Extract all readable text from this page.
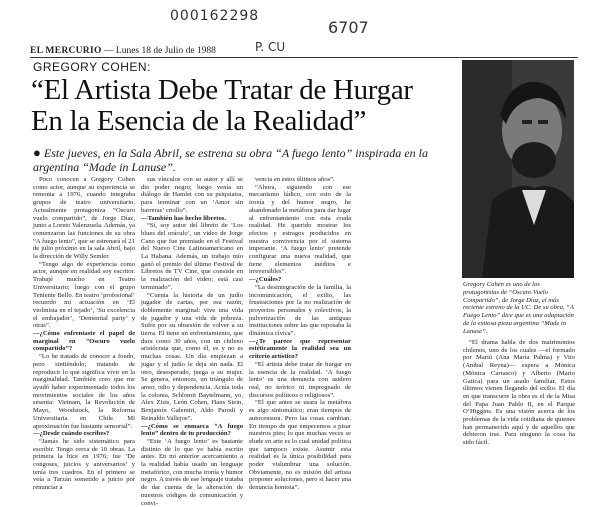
000162298
6707
P. CU
EL MERCURIO — Lunes 18 de Julio de 1988
GREGORY COHEN:
“El Artista Debe Tratar de Hurgar En la Esencia de la Realidad”
● Este jueves, en la Sala Abril, se estrena su obra “A fuego lento” inspirada en la argentina “Made in Lanuse”.

Poco conocen a Gregory Cohen como actor, aunque su experiencia se remonta a 1976, cuando integraba grupos de teatro universitario. Actualmente protagoniza “Oscuro vuelo compartido”, de Jorge Díaz, junto a Loreto Valenzuela. Además, ya comenzaron las funciones de su obra “A fuego lento”, que se estrenará el 21 de julio próximo en la sala Abril, bajo la dirección de Willy Semler.

“Tengo algo de experiencia como actor, aunque en realidad soy escritor. Trabajé mucho en Teatro Universitario; luego con el grupo Teniente Bello. En teatro ‘profesional’ recuerdo mi actuación en ‘El violinista en el tejado’, ‘Su excelencia el embajador’, ‘Demential party’ y otras”.

—¿Cómo enfrentaste el papel de marginal en “Oscuro vuelo compartido”?

“Lo he tratado de conocer a fondo, pero sintiéndolo; tratando de reproducir lo que significa vivir en la marginalidad. También creo que me ayudó haber experimentado todos los movimientos sociales de los años sesenta: Vietnam, la Revolución de Mayo, Woodstock, la Reforma Universitaria en Chile. Mi aproximación fue bastante sensorial”.

—¿Desde cuándo escribes?

“Jamás he sido sistemático para escribir. Tengo cerca de 10 obras. La primera la hice en 1976; fue ‘De congoses, juicios y aniversarios’ y tenía tres cuadros. En el primero se veía a Tarzán sometido a juicio por renunciar a

sus vínculos con su autor y allí se dio poder negro; luego venía un diálogo de Hamlet con su psiquiatra, para terminar con un ‘Amor sin barreras’ criollo”.

—También has hecho libretos.

“Sí, soy autor del libreto de ‘Los blues del oráculo’, un video de Jorge Cano que fue premiado en el Festival del Nuevo Cine Latinoamericano en La Habana. Además, un trabajo mío ganó el premio del último Festival de Libretos de TV Cine, que consiste en la realización del video; está casi terminado”.

“Cuenta la historia de un judío jugador de cartas, por esa razón, doblemente marginal: vive una vida de jugador y una vida de pobreza. Sufre por su obsesión de volver a su tierra. El tiene un enfrentamiento, que dura como 30 años, con un chileno aristócrata que, como él, es y no es muchas cosas. Un día empiezan a jugar y el judío le deja sin nada. El otro, desesperado, juega a su mujer. Se genera, entonces, un triángulo de amor, odio y dependencia. Actúa toda la colonia, Schlomit Baytelmann, yo, Alex Zisis, León Cohen, Hans Stein, Benjamín Galemiri, Aldo Parodi y Reinaldo Vallejos”.

—¿Cómo se enmarca “A fuego lento” dentro de tu producción?

“Este ‘A fuego lento’ es bastante distinto de lo que yo había escrito antes. En mi anterior acercamiento a la realidad había usado un lenguaje metafórico, con mucha ironía y humor negro. A través de ese lenguaje trataba de dar cuenta de la alteración de nuestros códigos de comunicación y convi-

vencia en estos últimos años”.

“Ahora, siguiendo con ese mecanismo lúdico, con esto de la ironía y del humor negro, he abandonado la metáfora para dar lugar al enfrentamiento con esta cruda realidad. He querido mostrar los efectos y estragos producidos en nuestra convivencia por el sistema imperante. ‘A fuego lento’ pretende configurar una nueva realidad, que tiene elementos inéditos e irreversibles”.

—¿Cuáles?

“La desintegración de la familia, la incomunicación, el exilio, las frustraciones por la no realización de proyectos personales y colectivos, la pulverización de las antiguas instituciones sobre las que reposaba la dinámica cívica”.

—¿Te parece que representar estéticamente la realidad sea un criterio artístico?

“El artista debe tratar de hurgar en la esencia de la realidad. ‘A fuego lento’ es una denuncia con asidero real, no teórico ni impregnado de discursos políticos o religiosos”.

“El que antes se usara la metáfora es algo sintomático; eran tiempos de autocensura. Pero las cosas cambian. En tiempo de que empecemos a pisar nuestros pies; lo que muchas veces se elude en arte es lo cual unidad política que tampoco existe. Asumir esta realidad es la única posibilidad para poder vislumbrar una solución. Obviamente, no es misión del artista proponer soluciones, pero sí hacer una denuncia honesta”.

Gregory Cohen es uno de los protagonistas de “Oscuro Vuelo Compartido”, de Jorge Díaz, el más reciente estreno de la UC. De su obra, “A Fuego Lento” dice que es una adaptación de la exitosa pieza argentina “Made in Lanuse”.

“El drama habla de dos matrimonios chilenos, uno de los cuales —el formado por Mariú (Ana María Palma) y Vito (Aníbal Reyna)— espera a Mónica (Mónica Carrasco) y Alberto (Mario Gatica) para un asado familiar. Estos últimos vienen llegando del exilio. El día en que transcurre la obra es el de la Misa del Papa Juan Pablo II, en el Parque O’Higgins. Es una visión acerca de los problemas de la vida cotidiana de quienes han permanecido aquí y de aquellos que debieron irse. Para ninguno la cosa ha sido fácil.
